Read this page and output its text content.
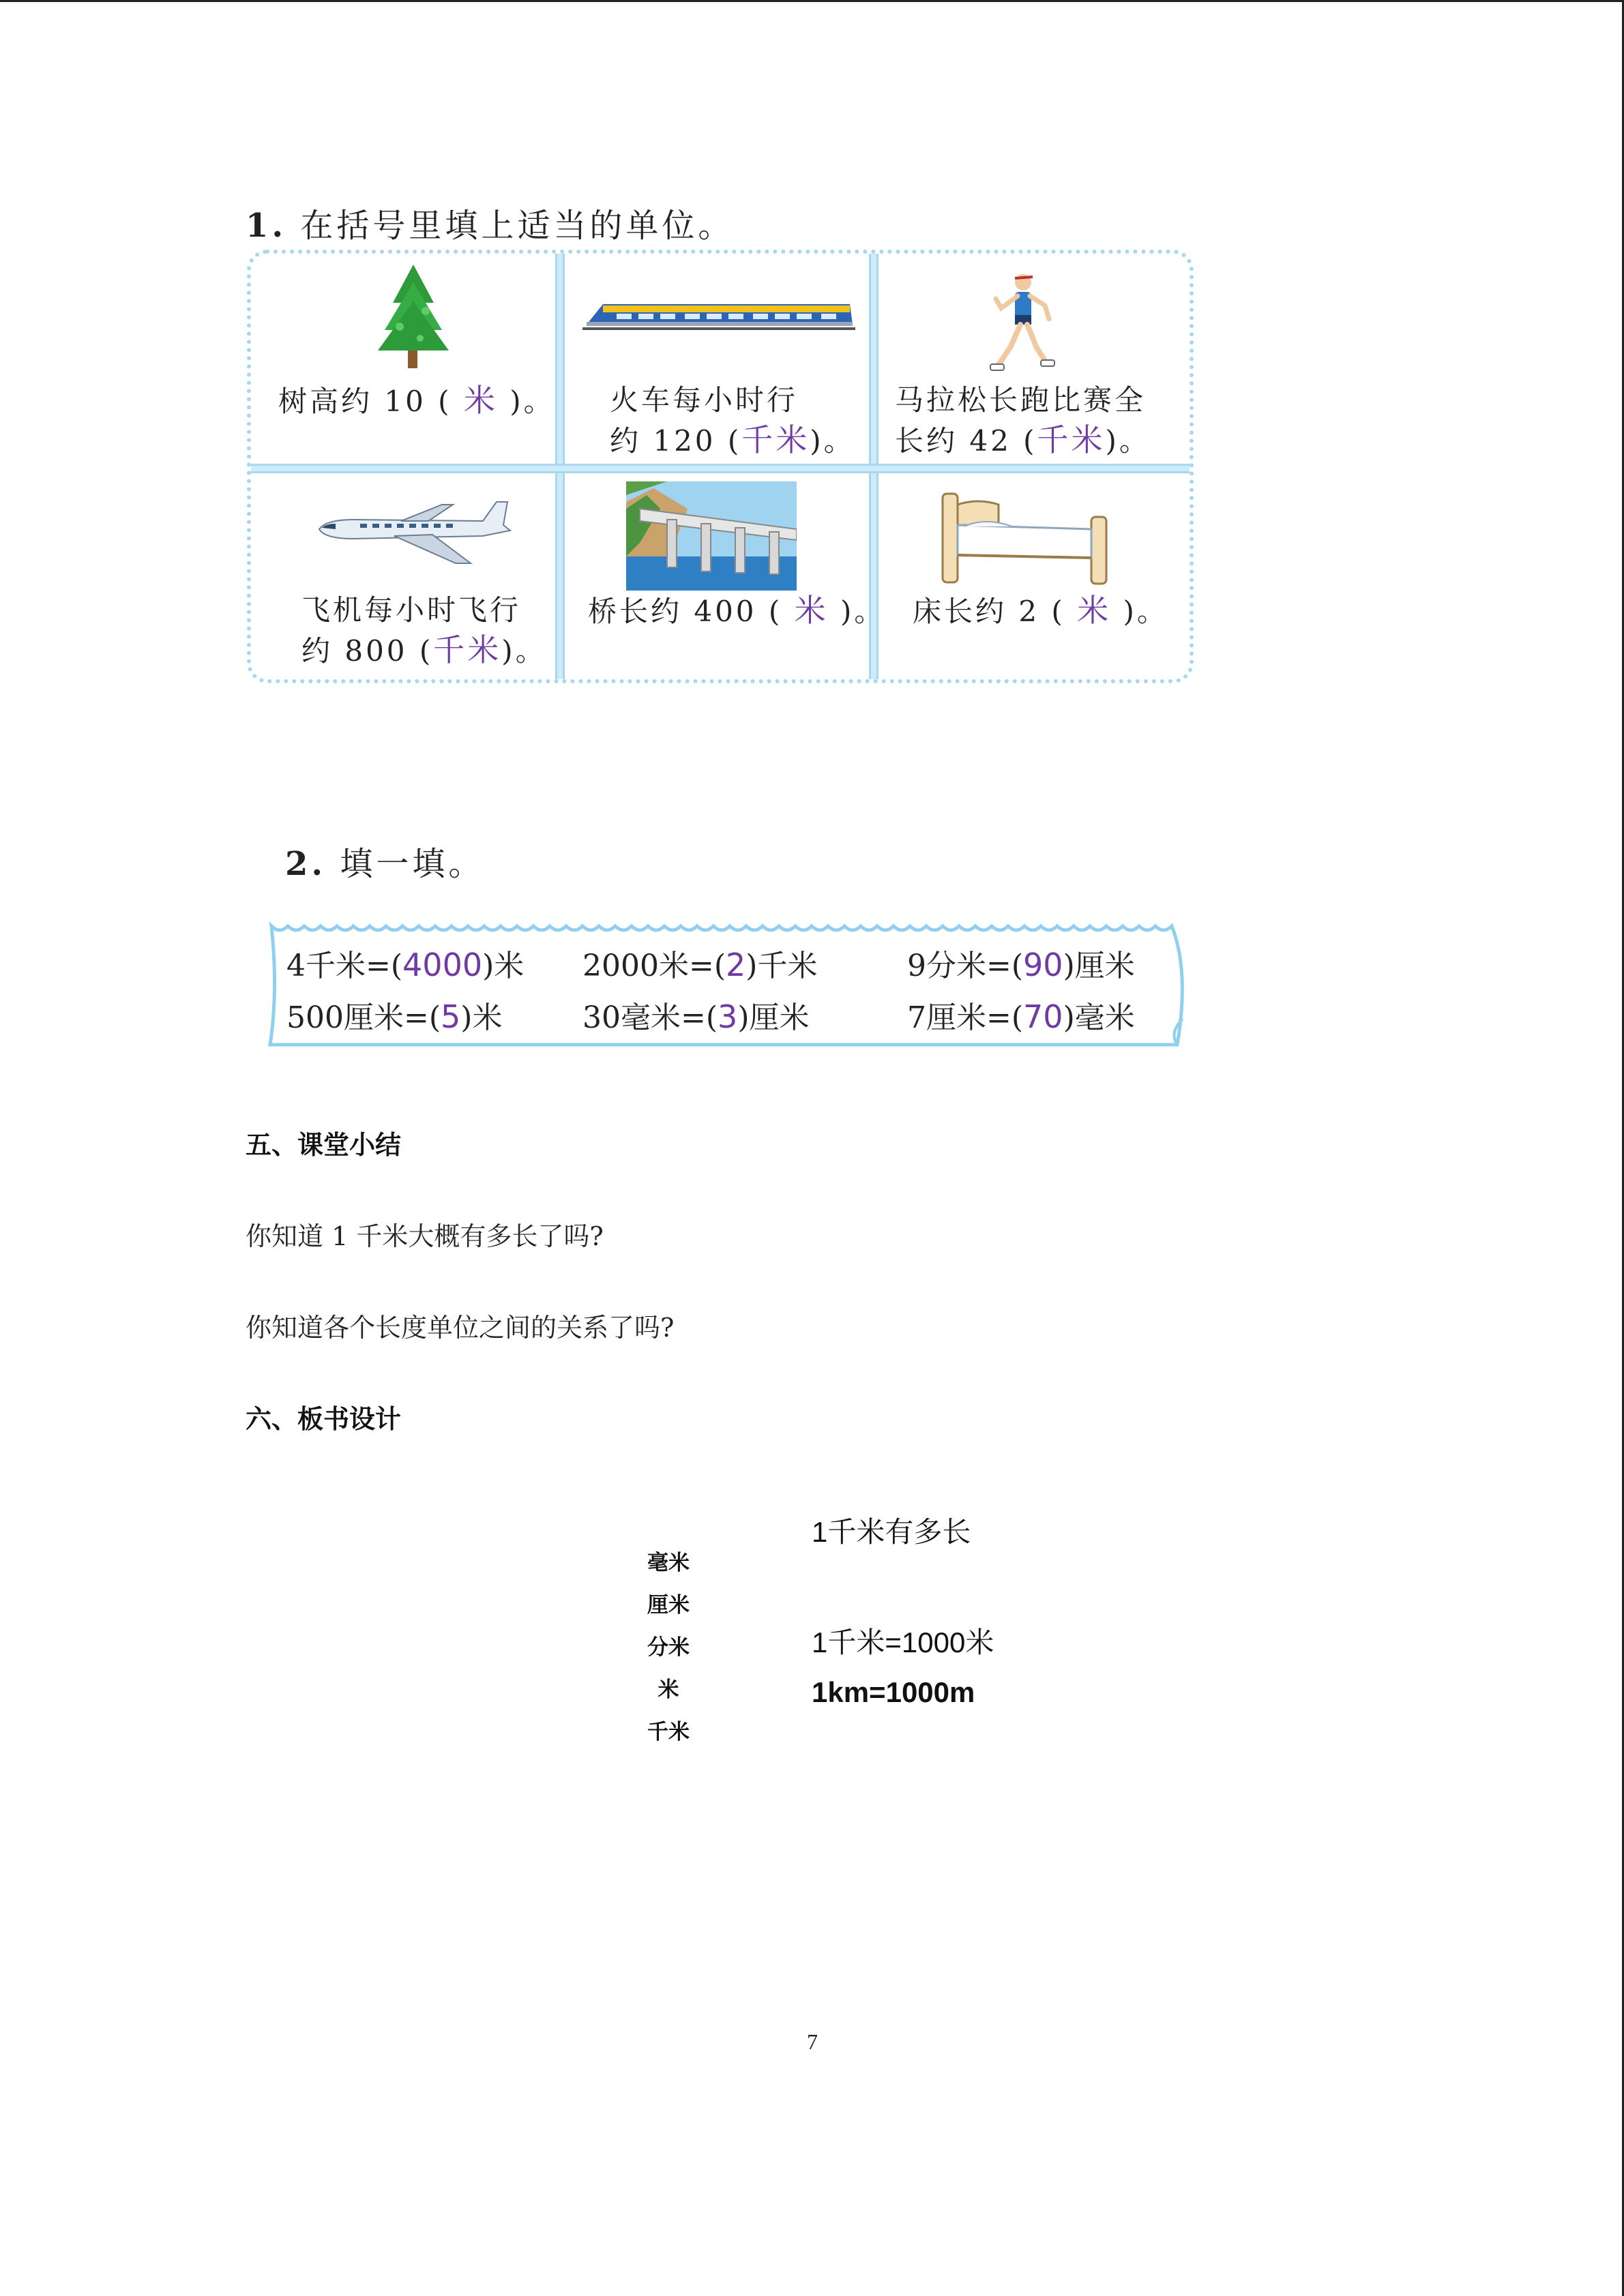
1. 在括号里填上适当的单位。
树高约 10 ( 米 )。 火车每小时行
约 120 (千米)。
马拉松长跑比赛全
长约 42 (千米)。
飞机每小时飞行
约 800 (千米)。
桥长约 400 ( 米 )。 床长约 2 ( 米 )。
2. 填一填。
4千米=(4000)米 2000米=(2)千米	9分米=(90)厘米
500厘米=(5)米	30毫米=(3)厘米	7厘米=(70)毫米
五、课堂小结
你知道 1 千米大概有多长了吗?
你知道各个长度单位之间的关系了吗?
六、板书设计
1千米有多长
毫米
厘米
分米
米
千米
1千米=1000米
1km=1000m
7
